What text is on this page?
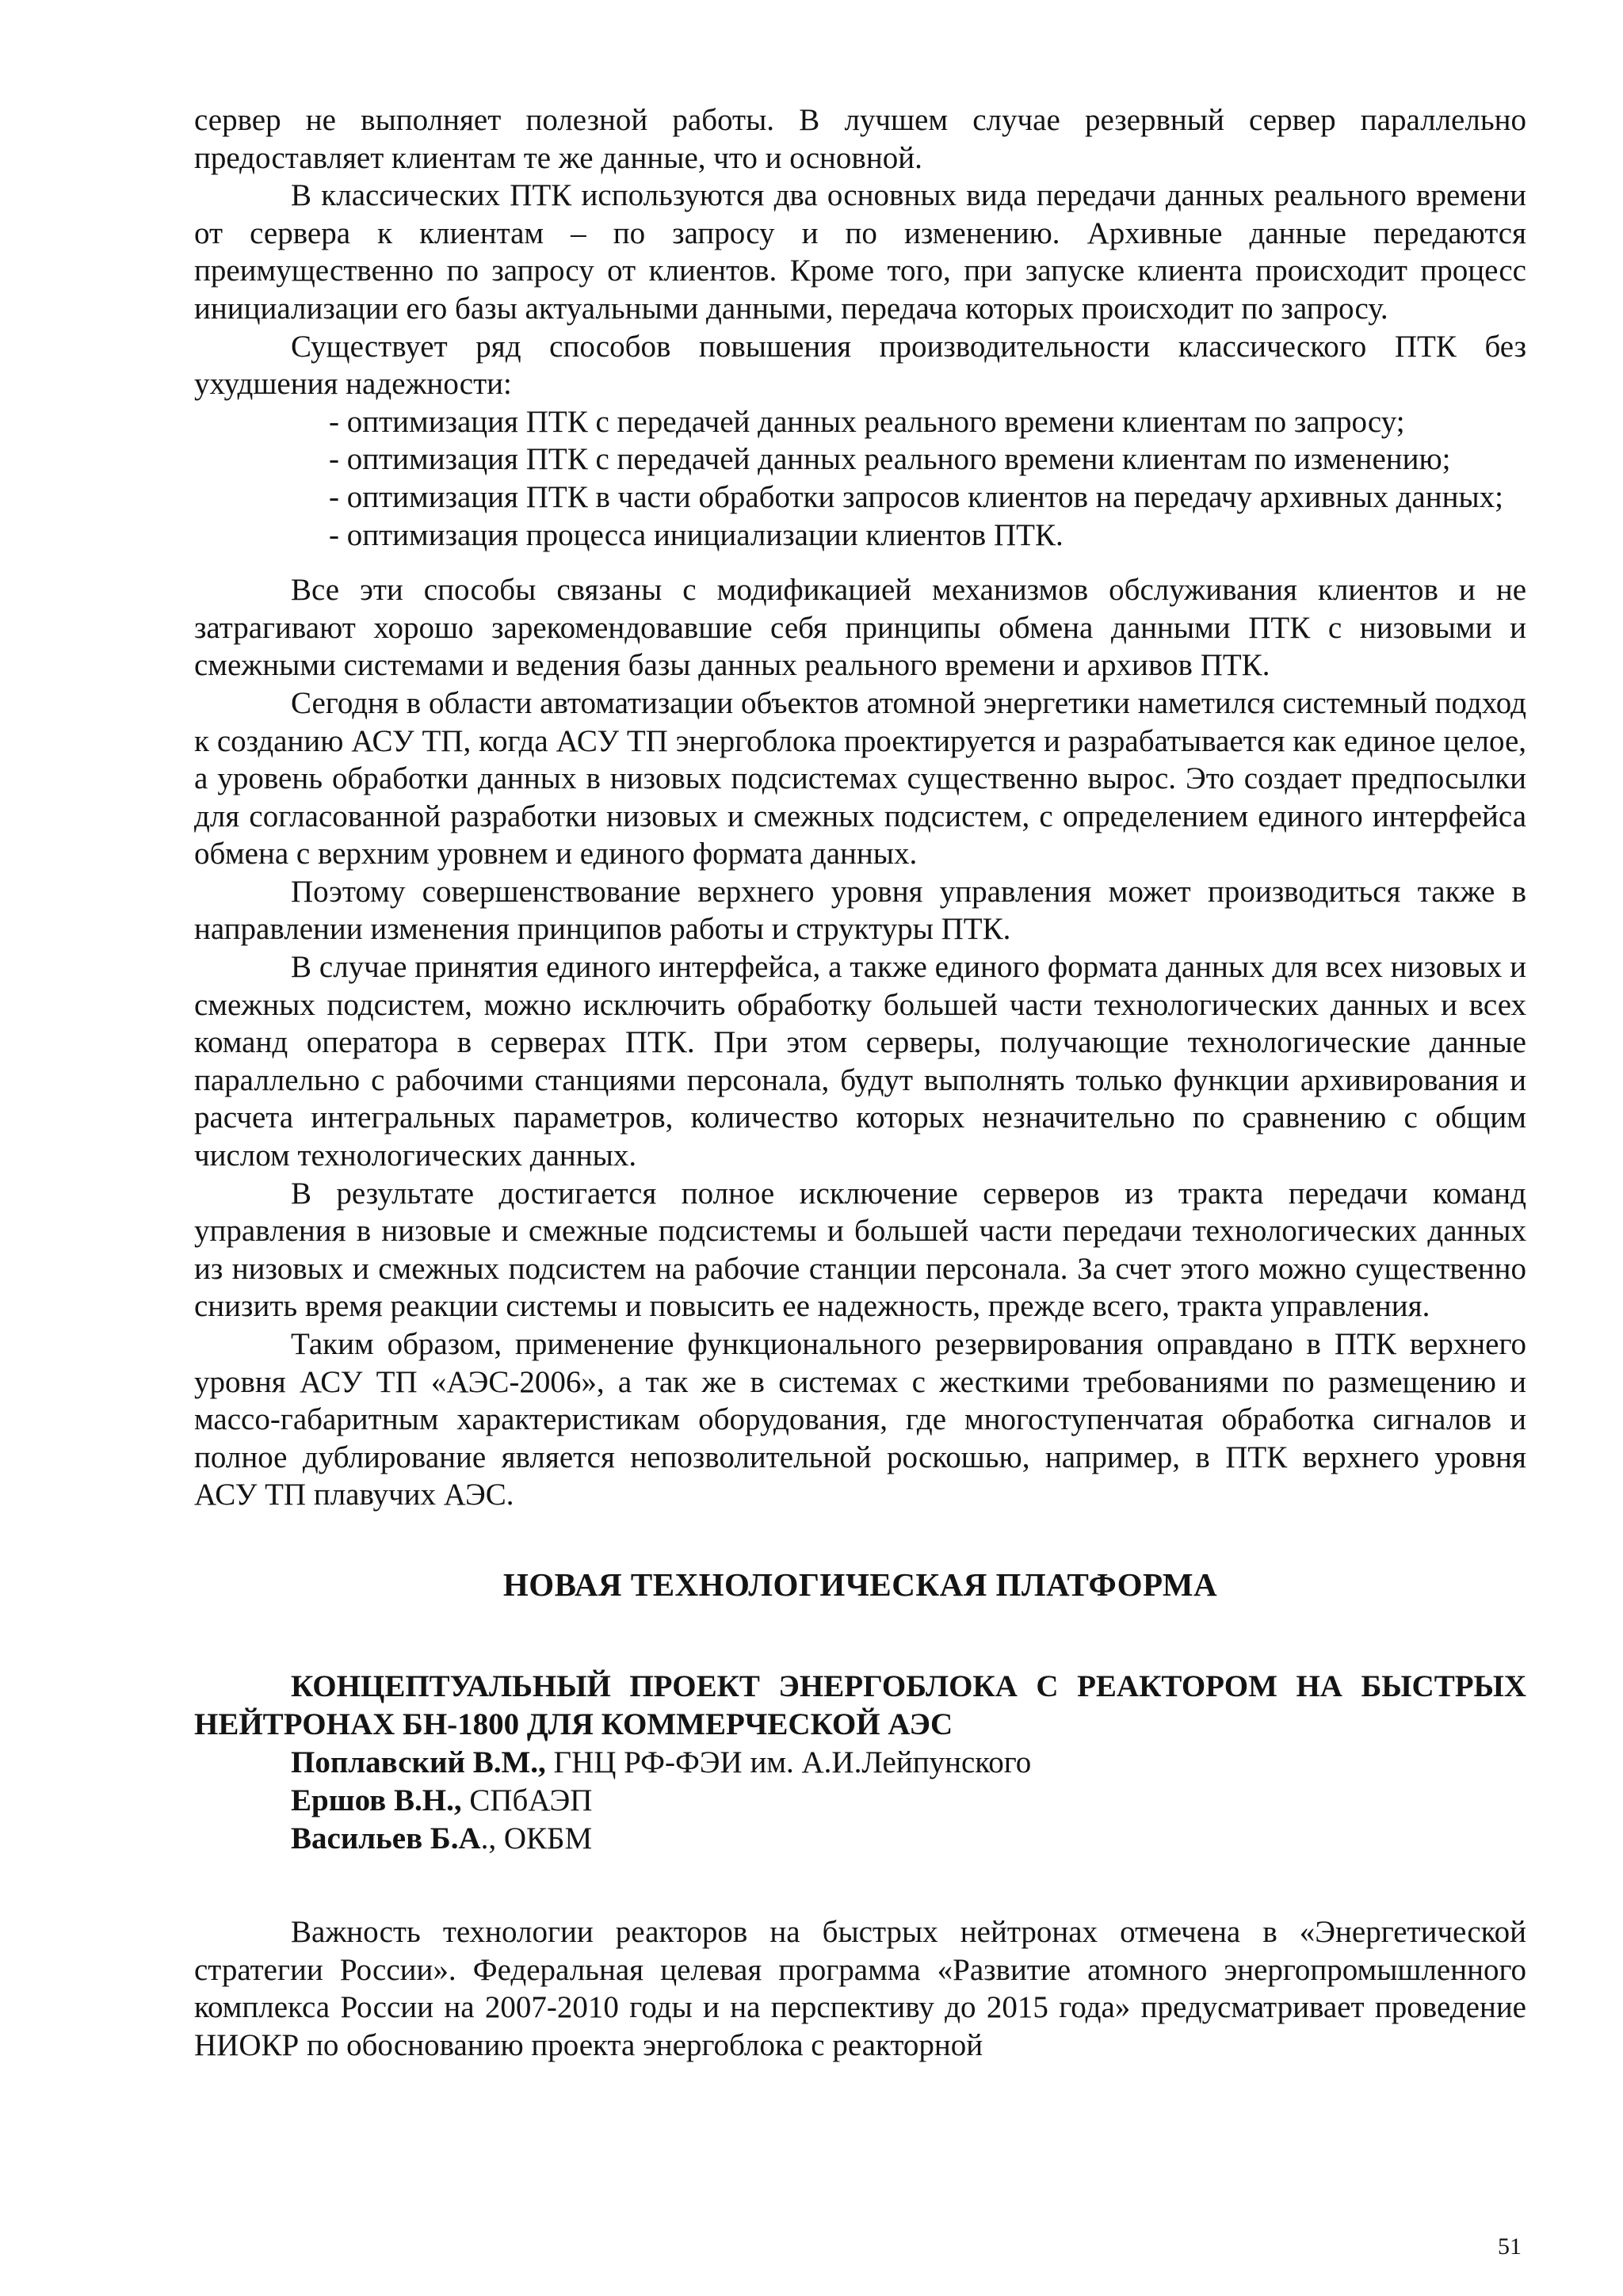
сервер не выполняет полезной работы. В лучшем случае резервный сервер параллельно предоставляет клиентам те же данные, что и основной.

В классических ПТК используются два основных вида передачи данных реального времени от сервера к клиентам – по запросу и по изменению. Архивные данные передаются преимущественно по запросу от клиентов. Кроме того, при запуске клиента происходит процесс инициализации его базы актуальными данными, передача которых происходит по запросу.

Существует ряд способов повышения производительности классического ПТК без ухудшения надежности:

- оптимизация ПТК с передачей данных реального времени клиентам по запросу;

- оптимизация ПТК с передачей данных реального времени клиентам по изменению;

- оптимизация ПТК в части обработки запросов клиентов на передачу архивных данных;

- оптимизация процесса инициализации клиентов ПТК.

Все эти способы связаны с модификацией механизмов обслуживания клиентов и не затрагивают хорошо зарекомендовавшие себя принципы обмена данными ПТК с низовыми и смежными системами и ведения базы данных реального времени и архивов ПТК.

Сегодня в области автоматизации объектов атомной энергетики наметился системный подход к созданию АСУ ТП, когда АСУ ТП энергоблока проектируется и разрабатывается как единое целое, а уровень обработки данных в низовых подсистемах существенно вырос. Это создает предпосылки для согласованной разработки низовых и смежных подсистем, с определением единого интерфейса обмена с верхним уровнем и единого формата данных.

Поэтому совершенствование верхнего уровня управления может производиться также в направлении изменения принципов работы и структуры ПТК.

В случае принятия единого интерфейса, а также единого формата данных для всех низовых и смежных подсистем, можно исключить обработку большей части технологических данных и всех команд оператора в серверах ПТК. При этом серверы, получающие технологические данные параллельно с рабочими станциями персонала, будут выполнять только функции архивирования и расчета интегральных параметров, количество которых незначительно по сравнению с общим числом технологических данных.

В результате достигается полное исключение серверов из тракта передачи команд управления в низовые и смежные подсистемы и большей части передачи технологических данных из низовых и смежных подсистем на рабочие станции персонала. За счет этого можно существенно снизить время реакции системы и повысить ее надежность, прежде всего, тракта управления.

Таким образом, применение функционального резервирования оправдано в ПТК верхнего уровня АСУ ТП «АЭС-2006», а так же в системах с жесткими требованиями по размещению и массо-габаритным характеристикам оборудования, где многоступенчатая обработка сигналов и полное дублирование является непозволительной роскошью, например, в ПТК верхнего уровня АСУ ТП плавучих АЭС.

НОВАЯ ТЕХНОЛОГИЧЕСКАЯ ПЛАТФОРМА
КОНЦЕПТУАЛЬНЫЙ ПРОЕКТ ЭНЕРГОБЛОКА С РЕАКТОРОМ НА БЫСТРЫХ НЕЙТРОНАХ БН-1800 ДЛЯ КОММЕРЧЕСКОЙ АЭС
Поплавский В.М., ГНЦ РФ-ФЭИ им. А.И.Лейпунского
Ершов В.Н., СПбАЭП
Васильев Б.А., ОКБМ

Важность технологии реакторов на быстрых нейтронах отмечена в «Энергетической стратегии России». Федеральная целевая программа «Развитие атомного энергопромышленного комплекса России на 2007-2010 годы и на перспективу до 2015 года» предусматривает проведение НИОКР по обоснованию проекта энергоблока с реакторной

51
